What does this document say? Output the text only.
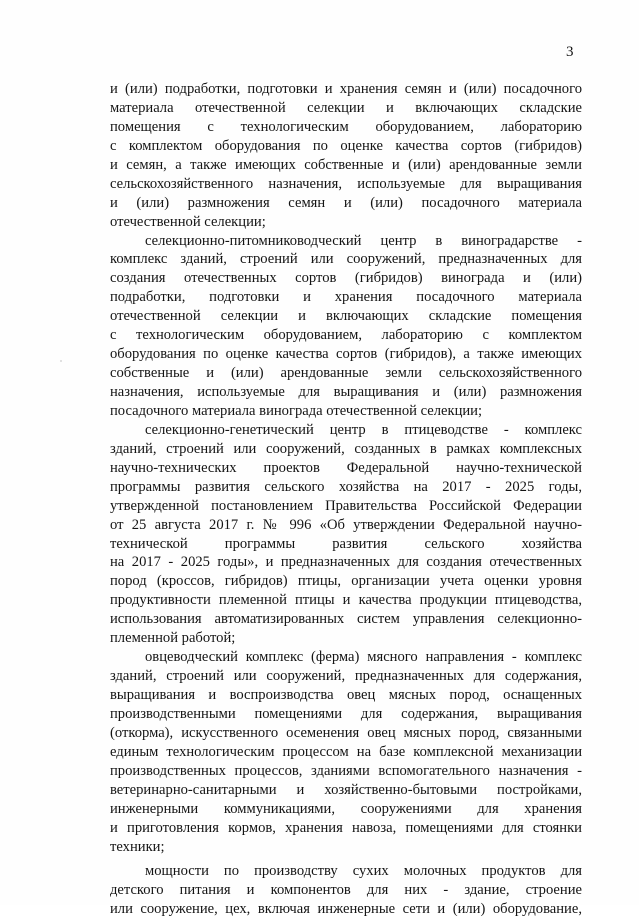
3
и (или) подработки, подготовки и хранения семян и (или) посадочного
материала отечественной селекции и включающих складские
помещения с технологическим оборудованием, лабораторию
с комплектом оборудования по оценке качества сортов (гибридов)
и семян, а также имеющих собственные и (или) арендованные земли
сельскохозяйственного назначения, используемые для выращивания
и (или) размножения семян и (или) посадочного материала
отечественной селекции;
селекционно-питомниководческий центр в виноградарстве -
комплекс зданий, строений или сооружений, предназначенных для
создания отечественных сортов (гибридов) винограда и (или)
подработки, подготовки и хранения посадочного материала
отечественной селекции и включающих складские помещения
с технологическим оборудованием, лабораторию с комплектом
оборудования по оценке качества сортов (гибридов), а также имеющих
собственные и (или) арендованные земли сельскохозяйственного
назначения, используемые для выращивания и (или) размножения
посадочного материала винограда отечественной селекции;
селекционно-генетический центр в птицеводстве - комплекс
зданий, строений или сооружений, созданных в рамках комплексных
научно-технических проектов Федеральной научно-технической
программы развития сельского хозяйства на 2017 - 2025 годы,
утвержденной постановлением Правительства Российской Федерации
от 25 августа 2017 г. № 996 «Об утверждении Федеральной научно-
технической программы развития сельского хозяйства
на 2017 - 2025 годы», и предназначенных для создания отечественных
пород (кроссов, гибридов) птицы, организации учета оценки уровня
продуктивности племенной птицы и качества продукции птицеводства,
использования автоматизированных систем управления селекционно-
племенной работой;
овцеводческий комплекс (ферма) мясного направления - комплекс
зданий, строений или сооружений, предназначенных для содержания,
выращивания и воспроизводства овец мясных пород, оснащенных
производственными помещениями для содержания, выращивания
(откорма), искусственного осеменения овец мясных пород, связанными
единым технологическим процессом на базе комплексной механизации
производственных процессов, зданиями вспомогательного назначения -
ветеринарно-санитарными и хозяйственно-бытовыми постройками,
инженерными коммуникациями, сооружениями для хранения
и приготовления кормов, хранения навоза, помещениями для стоянки
техники;
мощности по производству сухих молочных продуктов для
детского питания и компонентов для них - здание, строение
или сооружение, цех, включая инженерные сети и (или) оборудование,
